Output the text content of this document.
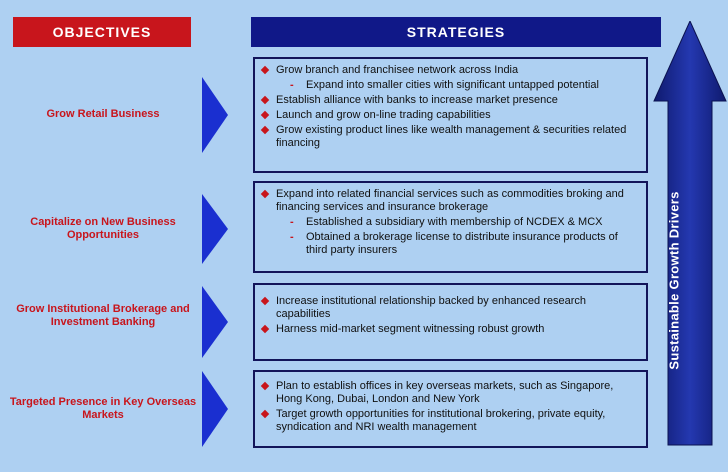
OBJECTIVES	STRATEGIES
Grow Retail Business
Grow branch and franchisee network across India
- Expand into smaller cities with significant untapped potential
Establish alliance with banks to increase market presence
Launch and grow on-line trading capabilities
Grow existing product lines like wealth management & securities related financing
Capitalize on New Business Opportunities
Expand into related financial services such as commodities broking and financing services and insurance brokerage
- Established a subsidiary with membership of NCDEX & MCX
- Obtained a brokerage license to distribute insurance products of third party insurers
Grow Institutional Brokerage and Investment Banking
Increase institutional relationship backed by enhanced research capabilities
Harness mid-market segment witnessing robust growth
Targeted Presence in Key Overseas Markets
Plan to establish offices in key overseas markets, such as Singapore, Hong Kong, Dubai, London and New York
Target growth opportunities for institutional brokering, private equity, syndication and NRI wealth management
Sustainable Growth Drivers
